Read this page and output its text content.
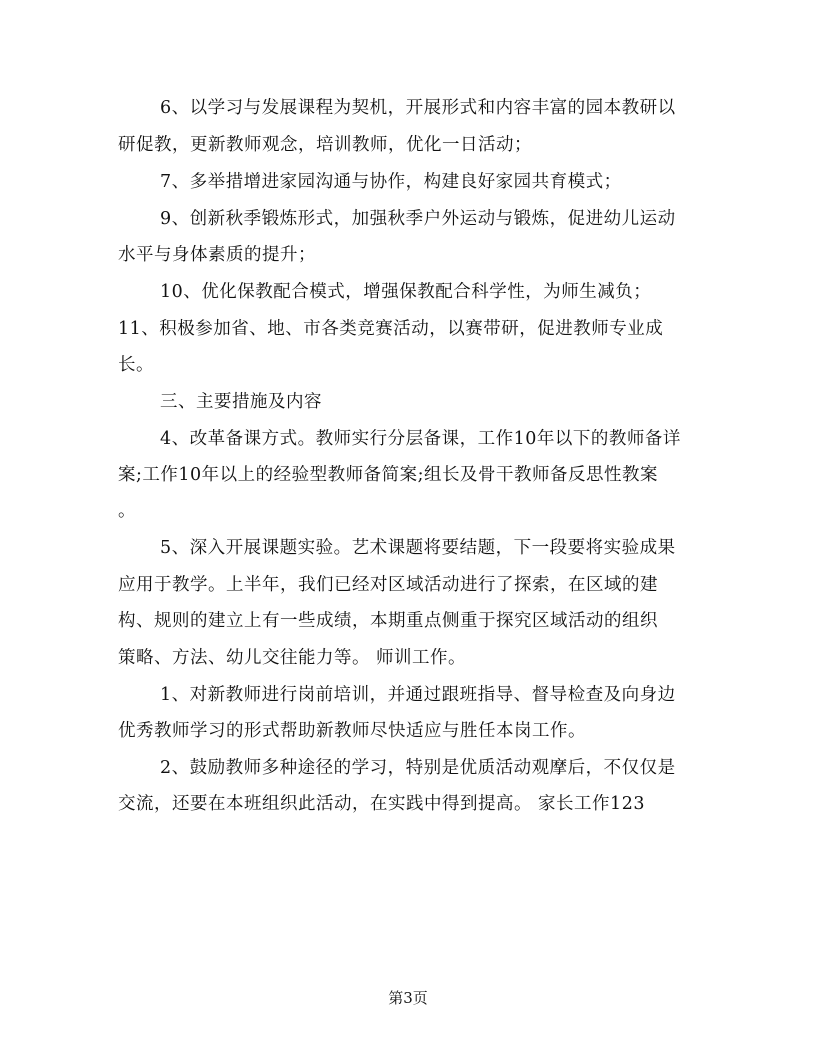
6、以学习与发展课程为契机，开展形式和内容丰富的园本教研以
研促教，更新教师观念，培训教师，优化一日活动；
7、多举措增进家园沟通与协作，构建良好家园共育模式；
9、创新秋季锻炼形式，加强秋季户外运动与锻炼，促进幼儿运动
水平与身体素质的提升；
10、优化保教配合模式，增强保教配合科学性，为师生减负；
11、积极参加省、地、市各类竞赛活动，以赛带研，促进教师专业成
长。
三、主要措施及内容
4、改革备课方式。教师实行分层备课，工作10年以下的教师备详
案;工作10年以上的经验型教师备简案;组长及骨干教师备反思性教案
。
5、深入开展课题实验。艺术课题将要结题，下一段要将实验成果
应用于教学。上半年，我们已经对区域活动进行了探索，在区域的建
构、规则的建立上有一些成绩，本期重点侧重于探究区域活动的组织
策略、方法、幼儿交往能力等。 师训工作。
1、对新教师进行岗前培训，并通过跟班指导、督导检查及向身边
优秀教师学习的形式帮助新教师尽快适应与胜任本岗工作。
2、鼓励教师多种途径的学习，特别是优质活动观摩后，不仅仅是
交流，还要在本班组织此活动，在实践中得到提高。 家长工作123
第3页
